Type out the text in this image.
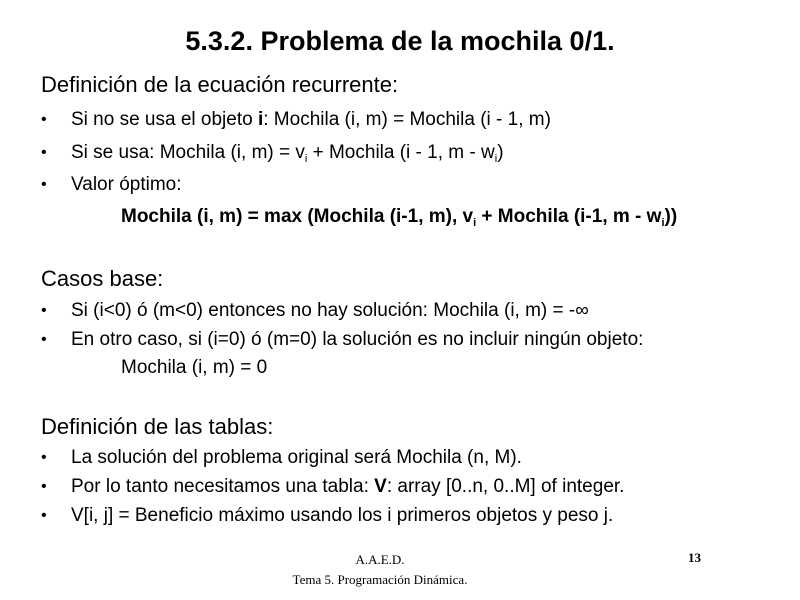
5.3.2. Problema de la mochila 0/1.
Definición de la ecuación recurrente:
• Si no se usa el objeto i: Mochila (i, m) = Mochila (i - 1, m)
• Si se usa: Mochila (i, $m) = v_i$ + Mochila (i - 1, m - $w_i$)
• Valor óptimo:
Mochila (i, m) = max (Mochila (i-1, m), $v_i$ + Mochila (i-1, m - $w_i$))
Casos base:
• Si (i<0) ó (m<0) entonces no hay solución: Mochila (i, m) = -∞
• En otro caso, si (i=0) ó (m=0) la solución es no incluir ningún objeto:
Mochila (i, m) = 0
Definición de las tablas:
• La solución del problema original será Mochila (n, M).
• Por lo tanto necesitamos una tabla: V: array [0..n, 0..M] of integer.
• V[i, j] = Beneficio máximo usando los i primeros objetos y peso j.
A.A.E.D.
Tema 5. Programación Dinámica.
13
